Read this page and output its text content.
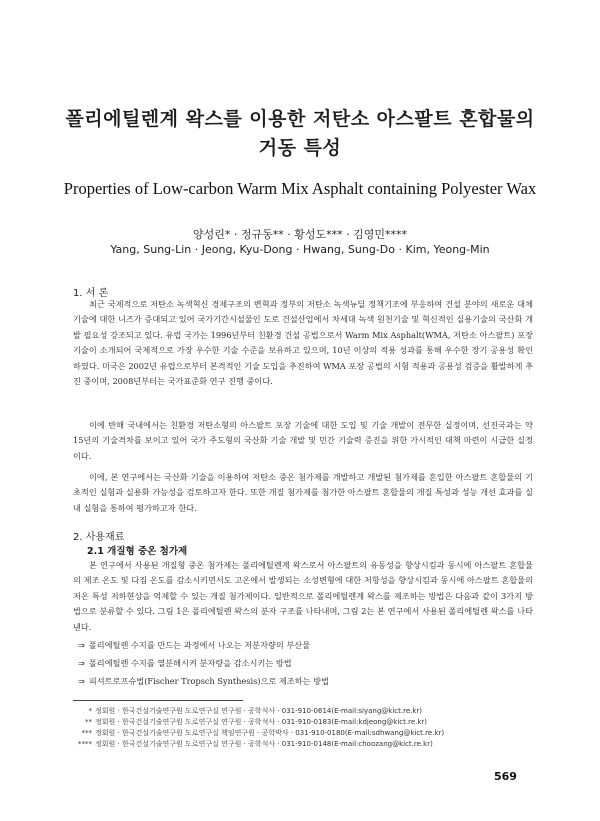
폴리에틸렌계 왁스를 이용한 저탄소 아스팔트 혼합물의
거동 특성
Properties of Low-carbon Warm Mix Asphalt containing Polyester Wax
양성린* · 정규동** · 황성도*** · 김영민****
Yang, Sung-Lin · Jeong, Kyu-Dong · Hwang, Sung-Do · Kim, Yeong-Min
1. 서 론
최근 국제적으로 저탄소 녹색혁신 경제구조의 변혁과 정부의 저탄소 녹색뉴딜 정책기조에 부응하여 건설 분야의 새로운 대체기술에 대한 니즈가 증대되고 있어 국가기간시설물인 도로 건설산업에서 차세대 녹색 원천기술 및 혁신적인 실용기술의 국산화 개발 필요성 강조되고 있다. 유럽 국가는 1996년부터 친환경 건설 공법으로서 Warm Mix Asphalt(WMA, 저탄소 아스팔트) 포장 기술이 소개되어 국제적으로 가장 우수한 기술 수준을 보유하고 있으며, 10년 이상의 적용 성과를 통해 우수한 장기 공용성 확인하였다. 미국은 2002년 유럽으로부터 본격적인 기술 도입을 추진하여 WMA 포장 공법의 시험 적용과 공용성 검증을 활발하게 추진 중이며, 2008년부터는 국가표준화 연구 진행 중이다.
이에 반해 국내에서는 친환경 저탄소형의 아스팔트 포장 기술에 대한 도입 및 기술 개발이 전무한 실정이며, 선진국과는 약 15년의 기술격차를 보이고 있어 국가 주도형의 국산화 기술 개발 및 민간 기술력 증진을 위한 가시적인 대책 마련이 시급한 실정이다.
이에, 본 연구에서는 국산화 기술을 이용하여 저탄소 중온 첨가제를 개발하고 개발된 첨가제를 혼입한 아스팔트 혼합물의 기초적인 실험과 실용화 가능성을 검토하고자 한다. 또한 개질 첨가제를 첨가한 아스팔트 혼합물의 개질 특성과 성능 개선 효과를 실내 실험을 통하여 평가하고자 한다.
2. 사용재료
2.1 개질형 중온 첨가제
본 연구에서 사용된 개질형 중온 첨가제는 폴리에틸렌계 왁스로서 아스팔트의 유동성을 향상시킴과 동시에 아스팔트 혼합물의 제조 온도 및 다짐 온도를 감소시키면서도 고온에서 발생되는 소성변형에 대한 저항성을 향상시킴과 동시에 아스팔트 혼합물의 저온 특성 저하현상을 억제할 수 있는 개질 첨가제이다. 일반적으로 폴리에틸렌계 왁스를 제조하는 방법은 다음과 같이 3가지 방법으로 분류할 수 있다. 그림 1은 폴리에틸렌 왁스의 분자 구조를 나타내며, 그림 2는 본 연구에서 사용된 폴리에틸렌 왁스를 나타낸다.
⇒ 폴리에틸렌 수지를 만드는 과정에서 나오는 저분자량의 부산물
⇒ 폴리에틸렌 수지를 열분해시켜 분자량을 감소시키는 방법
⇒ 피셔트로프슈법(Fischer Tropsch Synthesis)으로 제조하는 방법
* 정회원 · 한국건설기술연구원 도로연구실 연구원 · 공학석사 · 031-910-0614(E-mail:siyang@kict.re.kr)
** 정회원 · 한국건설기술연구원 도로연구실 연구원 · 공학석사 · 031-910-0183(E-mail:kdjeong@kict.re.kr)
*** 정회원 · 한국건설기술연구원 도로연구실 책임연구원 · 공학박사 · 031-910-0180(E-mail:sdhwang@kict.re.kr)
**** 정회원 · 한국건설기술연구원 도로연구실 연구원 · 공학석사 · 031-910-0148(E-mail:choozang@kict.re.kr)
569
